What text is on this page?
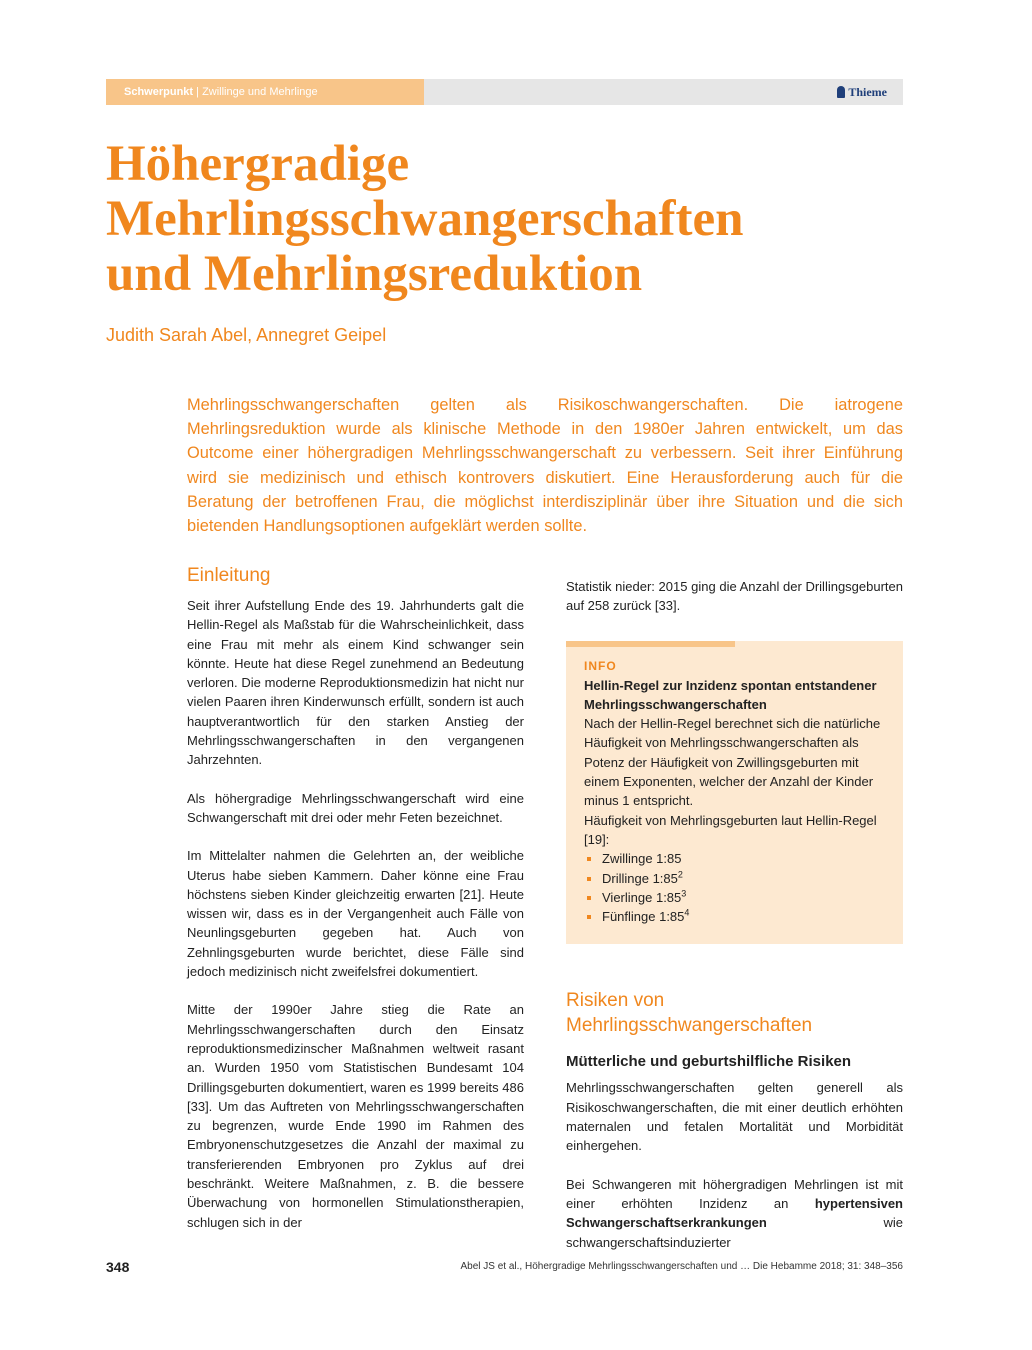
Schwerpunkt | Zwillinge und Mehrlinge	Thieme
Höhergradige
Mehrlingsschwangerschaften
und Mehrlingsreduktion
Judith Sarah Abel, Annegret Geipel

Mehrlingsschwangerschaften gelten als Risikoschwangerschaften. Die iatrogene Mehrlingsreduktion wurde als klinische Methode in den 1980er Jahren entwickelt, um das Outcome einer höhergradigen Mehrlingsschwangerschaft zu verbessern. Seit ihrer Einführung wird sie medizinisch und ethisch kontrovers diskutiert. Eine Herausforderung auch für die Beratung der betroffenen Frau, die möglichst interdisziplinär über ihre Situation und die sich bietenden Handlungsoptionen aufgeklärt werden sollte.

Einleitung

Seit ihrer Aufstellung Ende des 19. Jahrhunderts galt die Hellin-Regel als Maßstab für die Wahrscheinlichkeit, dass eine Frau mit mehr als einem Kind schwanger sein könnte. Heute hat diese Regel zunehmend an Bedeutung verloren. Die moderne Reproduktionsmedizin hat nicht nur vielen Paaren ihren Kinderwunsch erfüllt, sondern ist auch hauptverantwortlich für den starken Anstieg der Mehrlingsschwangerschaften in den vergangenen Jahrzehnten.

Als höhergradige Mehrlingsschwangerschaft wird eine Schwangerschaft mit drei oder mehr Feten bezeichnet.

Im Mittelalter nahmen die Gelehrten an, der weibliche Uterus habe sieben Kammern. Daher könne eine Frau höchstens sieben Kinder gleichzeitig erwarten [21]. Heute wissen wir, dass es in der Vergangenheit auch Fälle von Neunlingsgeburten gegeben hat. Auch von Zehnlingsgeburten wurde berichtet, diese Fälle sind jedoch medizinisch nicht zweifelsfrei dokumentiert.

Mitte der 1990er Jahre stieg die Rate an Mehrlingsschwangerschaften durch den Einsatz reproduktionsmedizinscher Maßnahmen weltweit rasant an. Wurden 1950 vom Statistischen Bundesamt 104 Drillingsgeburten dokumentiert, waren es 1999 bereits 486 [33]. Um das Auftreten von Mehrlingsschwangerschaften zu begrenzen, wurde Ende 1990 im Rahmen des Embryonenschutzgesetzes die Anzahl der maximal zu transferierenden Embryonen pro Zyklus auf drei beschränkt. Weitere Maßnahmen, z. B. die bessere Überwachung von hormonellen Stimulationstherapien, schlugen sich in der

Statistik nieder: 2015 ging die Anzahl der Drillingsgeburten auf 258 zurück [33].

INFO
Hellin-Regel zur Inzidenz spontan entstandener Mehrlingsschwangerschaften

Nach der Hellin-Regel berechnet sich die natürliche Häufigkeit von Mehrlingsschwangerschaften als Potenz der Häufigkeit von Zwillingsgeburten mit einem Exponenten, welcher der Anzahl der Kinder minus 1 entspricht.

Häufigkeit von Mehrlingsgeburten laut Hellin-Regel [19]:

Zwillinge 1:85
Drillinge $1:85^2$
Vierlinge $1:85^3$
Fünflinge $1:85^4$
Risiken von Mehrlingsschwangerschaften
Mütterliche und geburtshilfliche Risiken

Mehrlingsschwangerschaften gelten generell als Risikoschwangerschaften, die mit einer deutlich erhöhten maternalen und fetalen Mortalität und Morbidität einhergehen.

Bei Schwangeren mit höhergradigen Mehrlingen ist mit einer erhöhten Inzidenz an hypertensiven Schwangerschaftserkrankungen	wie schwangerschaftsinduzierter

348	Abel JS et al., Höhergradige Mehrlingsschwangerschaften und … Die Hebamme 2018; 31: 348–356
